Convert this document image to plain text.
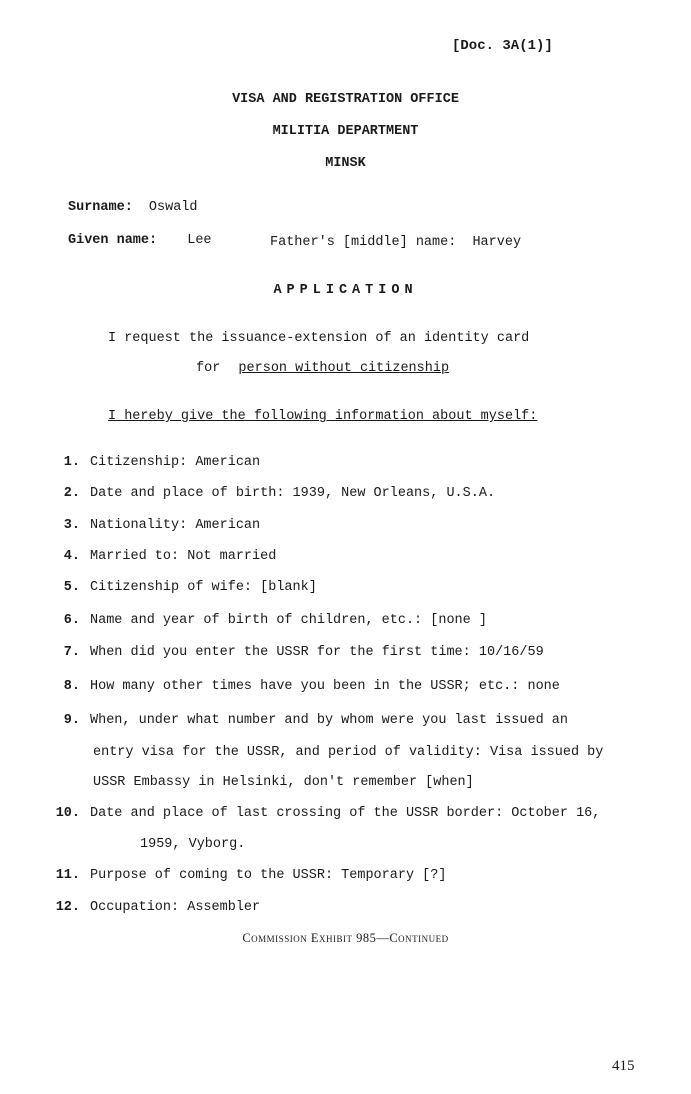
[Doc. 3A(1)]
VISA AND REGISTRATION OFFICE
MILITIA DEPARTMENT
MINSK
Surname: Oswald
Given name: Lee	Father's [middle] name: Harvey
APPLICATION
I request the issuance-extension of an identity card
for person without citizenship
I hereby give the following information about myself:
1. Citizenship: American
2. Date and place of birth: 1939, New Orleans, U.S.A.
3. Nationality: American
4. Married to: Not married
5. Citizenship of wife: [blank]
6. Name and year of birth of children, etc.: [none ]
7. When did you enter the USSR for the first time: 10/16/59
8. How many other times have you been in the USSR; etc.: none
9. When, under what number and by whom were you last issued an
entry visa for the USSR, and period of validity: Visa issued by
USSR Embassy in Helsinki, don't remember [when]
10. Date and place of last crossing of the USSR border: October 16,
1959, Vyborg.
11. Purpose of coming to the USSR: Temporary [?]
12. Occupation: Assembler
Commission Exhibit 985—Continued
415
